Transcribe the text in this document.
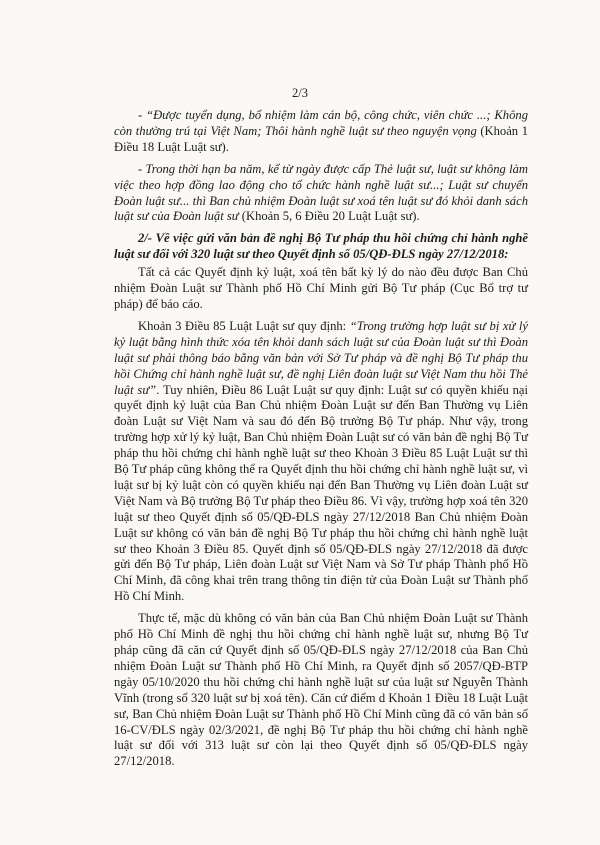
2/3

- “Được tuyển dụng, bổ nhiệm làm cán bộ, công chức, viên chức ...; Không còn thường trú tại Việt Nam; Thôi hành nghề luật sư theo nguyện vọng (Khoản 1 Điều 18 Luật Luật sư).

- Trong thời hạn ba năm, kể từ ngày được cấp Thẻ luật sư, luật sư không làm việc theo hợp đồng lao động cho tổ chức hành nghề luật sư...; Luật sư chuyển Đoàn luật sư... thì Ban chủ nhiệm Đoàn luật sư xoá tên luật sư đó khỏi danh sách luật sư của Đoàn luật sư (Khoản 5, 6 Điều 20 Luật Luật sư).

2/- Về việc gửi văn bản đề nghị Bộ Tư pháp thu hồi chứng chỉ hành nghề luật sư đối với 320 luật sư theo Quyết định số 05/QĐ-ĐLS ngày 27/12/2018:

Tất cả các Quyết định kỷ luật, xoá tên bất kỳ lý do nào đều được Ban Chủ nhiệm Đoàn Luật sư Thành phố Hồ Chí Minh gửi Bộ Tư pháp (Cục Bổ trợ tư pháp) để báo cáo.

Khoản 3 Điều 85 Luật Luật sư quy định: “Trong trường hợp luật sư bị xử lý kỷ luật bằng hình thức xóa tên khỏi danh sách luật sư của Đoàn luật sư thì Đoàn luật sư phải thông báo bằng văn bản với Sở Tư pháp và đề nghị Bộ Tư pháp thu hồi Chứng chỉ hành nghề luật sư, đề nghị Liên đoàn luật sư Việt Nam thu hồi Thẻ luật sư”. Tuy nhiên, Điều 86 Luật Luật sư quy định: Luật sư có quyền khiếu nại quyết định kỷ luật của Ban Chủ nhiệm Đoàn Luật sư đến Ban Thường vụ Liên đoàn Luật sư Việt Nam và sau đó đến Bộ trưởng Bộ Tư pháp. Như vậy, trong trường hợp xử lý kỷ luật, Ban Chủ nhiệm Đoàn Luật sư có văn bản đề nghị Bộ Tư pháp thu hồi chứng chỉ hành nghề luật sư theo Khoản 3 Điều 85 Luật Luật sư thì Bộ Tư pháp cũng không thể ra Quyết định thu hồi chứng chỉ hành nghề luật sư, vì luật sư bị kỷ luật còn có quyền khiếu nại đến Ban Thường vụ Liên đoàn Luật sư Việt Nam và Bộ trưởng Bộ Tư pháp theo Điều 86. Vì vậy, trường hợp xoá tên 320 luật sư theo Quyết định số 05/QĐ-ĐLS ngày 27/12/2018 Ban Chủ nhiệm Đoàn Luật sư không có văn bản đề nghị Bộ Tư pháp thu hồi chứng chỉ hành nghề luật sư theo Khoản 3 Điều 85. Quyết định số 05/QĐ-ĐLS ngày 27/12/2018 đã được gửi đến Bộ Tư pháp, Liên đoàn Luật sư Việt Nam và Sở Tư pháp Thành phố Hồ Chí Minh, đã công khai trên trang thông tin điện tử của Đoàn Luật sư Thành phố Hồ Chí Minh.

Thực tế, mặc dù không có văn bản của Ban Chủ nhiệm Đoàn Luật sư Thành phố Hồ Chí Minh đề nghị thu hồi chứng chỉ hành nghề luật sư, nhưng Bộ Tư pháp cũng đã căn cứ Quyết định số 05/QĐ-ĐLS ngày 27/12/2018 của Ban Chủ nhiệm Đoàn Luật sư Thành phố Hồ Chí Minh, ra Quyết định số 2057/QĐ-BTP ngày 05/10/2020 thu hồi chứng chỉ hành nghề luật sư của luật sư Nguyễn Thành Vĩnh (trong số 320 luật sư bị xoá tên). Căn cứ điểm d Khoản 1 Điều 18 Luật Luật sư, Ban Chủ nhiệm Đoàn Luật sư Thành phố Hồ Chí Minh cũng đã có văn bản số 16-CV/ĐLS ngày 02/3/2021, đề nghị Bộ Tư pháp thu hồi chứng chỉ hành nghề luật sư đối với 313 luật sư còn lại theo Quyết định số 05/QĐ-ĐLS ngày 27/12/2018.
